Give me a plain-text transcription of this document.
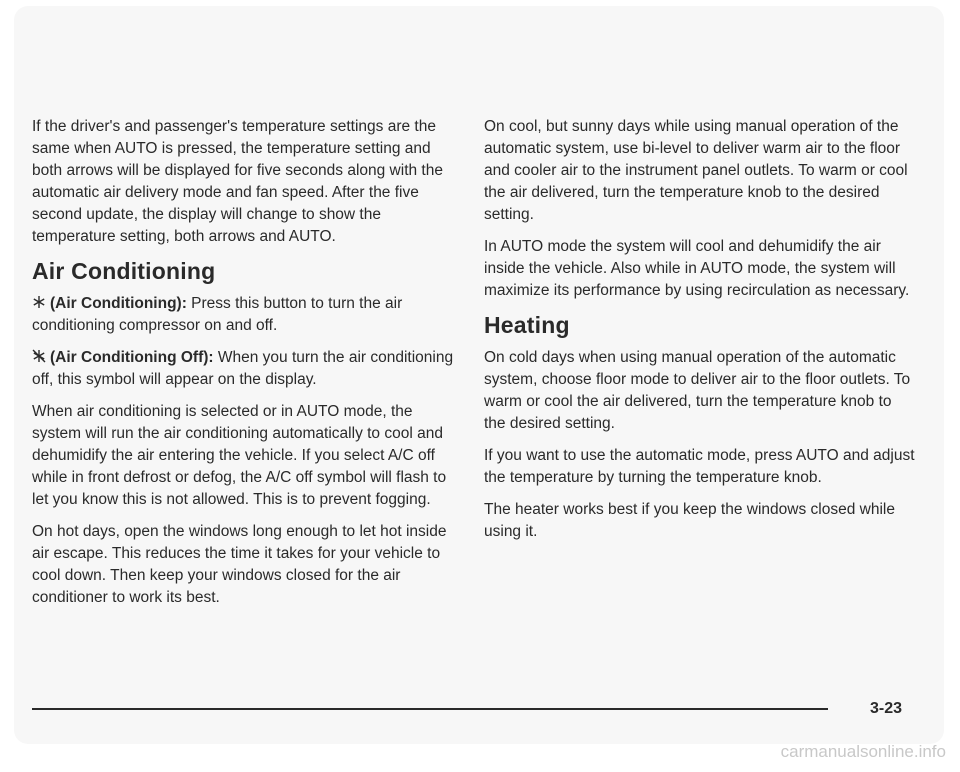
If the driver's and passenger's temperature settings are the same when AUTO is pressed, the temperature setting and both arrows will be displayed for five seconds along with the automatic air delivery mode and fan speed. After the five second update, the display will change to show the temperature setting, both arrows and AUTO.

Air Conditioning

(Air Conditioning): Press this button to turn the air conditioning compressor on and off.

(Air Conditioning Off): When you turn the air conditioning off, this symbol will appear on the display.

When air conditioning is selected or in AUTO mode, the system will run the air conditioning automatically to cool and dehumidify the air entering the vehicle. If you select A/C off while in front defrost or defog, the A/C off symbol will flash to let you know this is not allowed. This is to prevent fogging.

On hot days, open the windows long enough to let hot inside air escape. This reduces the time it takes for your vehicle to cool down. Then keep your windows closed for the air conditioner to work its best.

On cool, but sunny days while using manual operation of the automatic system, use bi-level to deliver warm air to the floor and cooler air to the instrument panel outlets. To warm or cool the air delivered, turn the temperature knob to the desired setting.

In AUTO mode the system will cool and dehumidify the air inside the vehicle. Also while in AUTO mode, the system will maximize its performance by using recirculation as necessary.

Heating

On cold days when using manual operation of the automatic system, choose floor mode to deliver air to the floor outlets. To warm or cool the air delivered, turn the temperature knob to the desired setting.

If you want to use the automatic mode, press AUTO and adjust the temperature by turning the temperature knob.

The heater works best if you keep the windows closed while using it.

3-23
carmanualsonline.info
